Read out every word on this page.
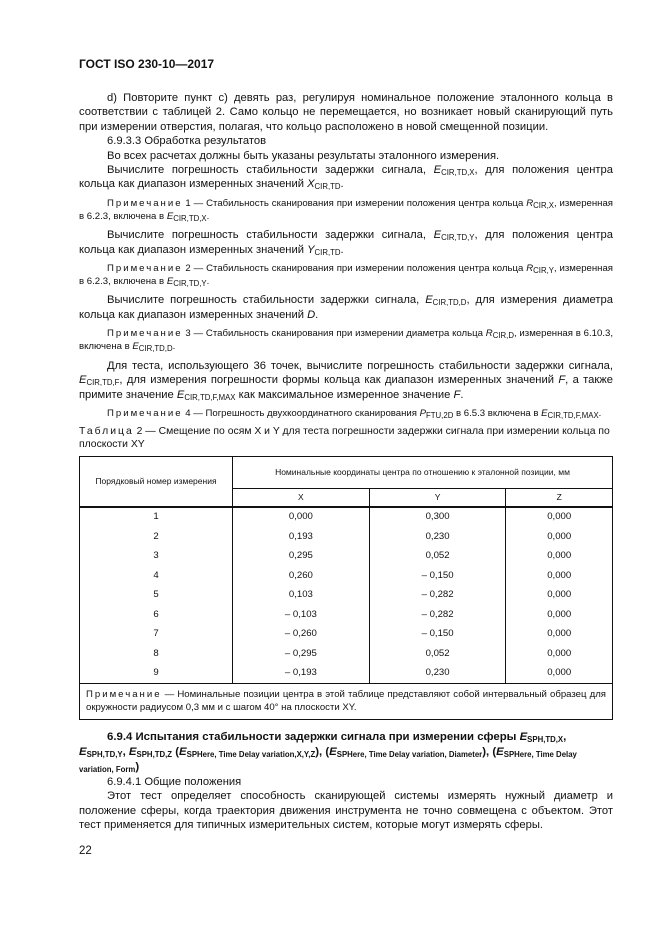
ГОСТ ISO 230-10—2017

d) Повторите пункт с) девять раз, регулируя номинальное положение эталонного кольца в соответствии с таблицей 2. Само кольцо не перемещается, но возникает новый сканирующий путь при измерении отверстия, полагая, что кольцо расположено в новой смещенной позиции.

6.9.3.3 Обработка результатов

Во всех расчетах должны быть указаны результаты эталонного измерения.

Вычислите погрешность стабильности задержки сигнала, $E_{CIR,TD,X}$, для положения центра кольца как диапазон измеренных значений $X_{CIR,TD}$.

Примечание 1 — Стабильность сканирования при измерении положения центра кольца $R_{CIR,X}$, измеренная в 6.2.3, включена в $E_{CIR,TD,X}$.

Вычислите погрешность стабильности задержки сигнала, $E_{CIR,TD,Y}$, для положения центра кольца как диапазон измеренных значений $Y_{CIR,TD}$.

Примечание 2 — Стабильность сканирования при измерении положения центра кольца $R_{CIR,Y}$, измеренная в 6.2.3, включена в $E_{CIR,TD,Y}$.

Вычислите погрешность стабильности задержки сигнала, $E_{CIR,TD,D}$, для измерения диаметра кольца как диапазон измеренных значений D.

Примечание 3 — Стабильность сканирования при измерении диаметра кольца $R_{CIR,D}$, измеренная в 6.10.3, включена в $E_{CIR,TD,D}$.

Для теста, использующего 36 точек, вычислите погрешность стабильности задержки сигнала, $E_{CIR,TD,F}$, для измерения погрешности формы кольца как диапазон измеренных значений F, а также примите значение $E_{CIR,TD,F,MAX}$ как максимальное измеренное значение F.

Примечание 4 — Погрешность двухкоординатного сканирования $P_{FTU,2D}$ в 6.5.3 включена в $E_{CIR,TD,F,MAX}$.

Таблица 2 — Смещение по осям X и Y для теста погрешности задержки сигнала при измерении кольца по плоскости XY

Порядковый номер измерения	Номинальные координаты центра по отношению к эталонной позиции, мм		
	X	Y	Z
1	0,000	0,300	0,000
2	0,193	0,230	0,000
3	0,295	0,052	0,000
4	0,260	– 0,150	0,000
5	0,103	– 0,282	0,000
6	– 0,103	– 0,282	0,000
7	– 0,260	– 0,150	0,000
8	– 0,295	0,052	0,000
9	– 0,193	0,230	0,000
Примечание — Номинальные позиции центра в этой таблице представляют собой интервальный образец для окружности радиусом 0,3 мм и с шагом 40° на плоскости XY.			
6.9.4 Испытания стабильности задержки сигнала при измерении сферы $E_{SPH,TD,X}$, $E_{SPH,TD,Y}$, $E_{SPH,TD,Z}$ $(E_{SPHere, Time Delay variation,X,Y,Z})$, $(E_{SPHere, Time Delay variation, Diameter})$, $(E_{SPHere, Time Delay variation, Form})$

6.9.4.1 Общие положения

Этот тест определяет способность сканирующей системы измерять нужный диаметр и положение сферы, когда траектория движения инструмента не точно совмещена с объектом. Этот тест применяется для типичных измерительных систем, которые могут измерять сферы.

22
